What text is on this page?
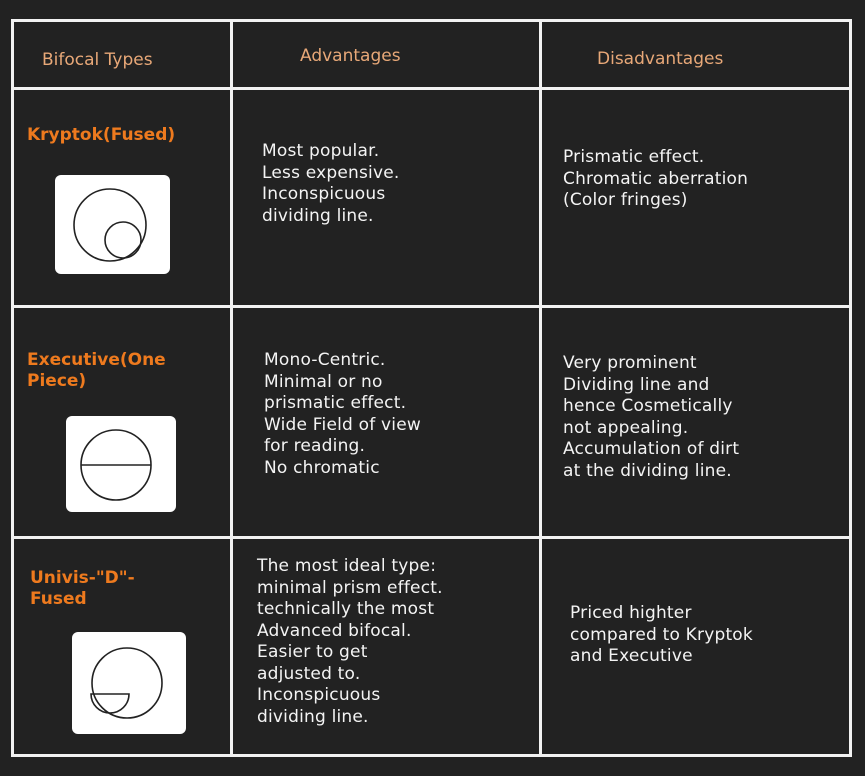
Bifocal Types	Advantages	Disadvantages
Kryptok(Fused)
Most popular.
Less expensive.
Inconspicuous
dividing line.
Prismatic effect.
Chromatic aberration
(Color fringes)
Executive(One
Piece)
Mono-Centric.
Minimal or no
prismatic effect.
Wide Field of view
for reading.
No chromatic
Very prominent
Dividing line and
hence Cosmetically
not appealing.
Accumulation of dirt
at the dividing line.
Univis-"D"-
Fused
The most ideal type:
minimal prism effect.
technically the most
Advanced bifocal.
Easier to get
adjusted to.
Inconspicuous
dividing line.
Priced highter
compared to Kryptok
and Executive
